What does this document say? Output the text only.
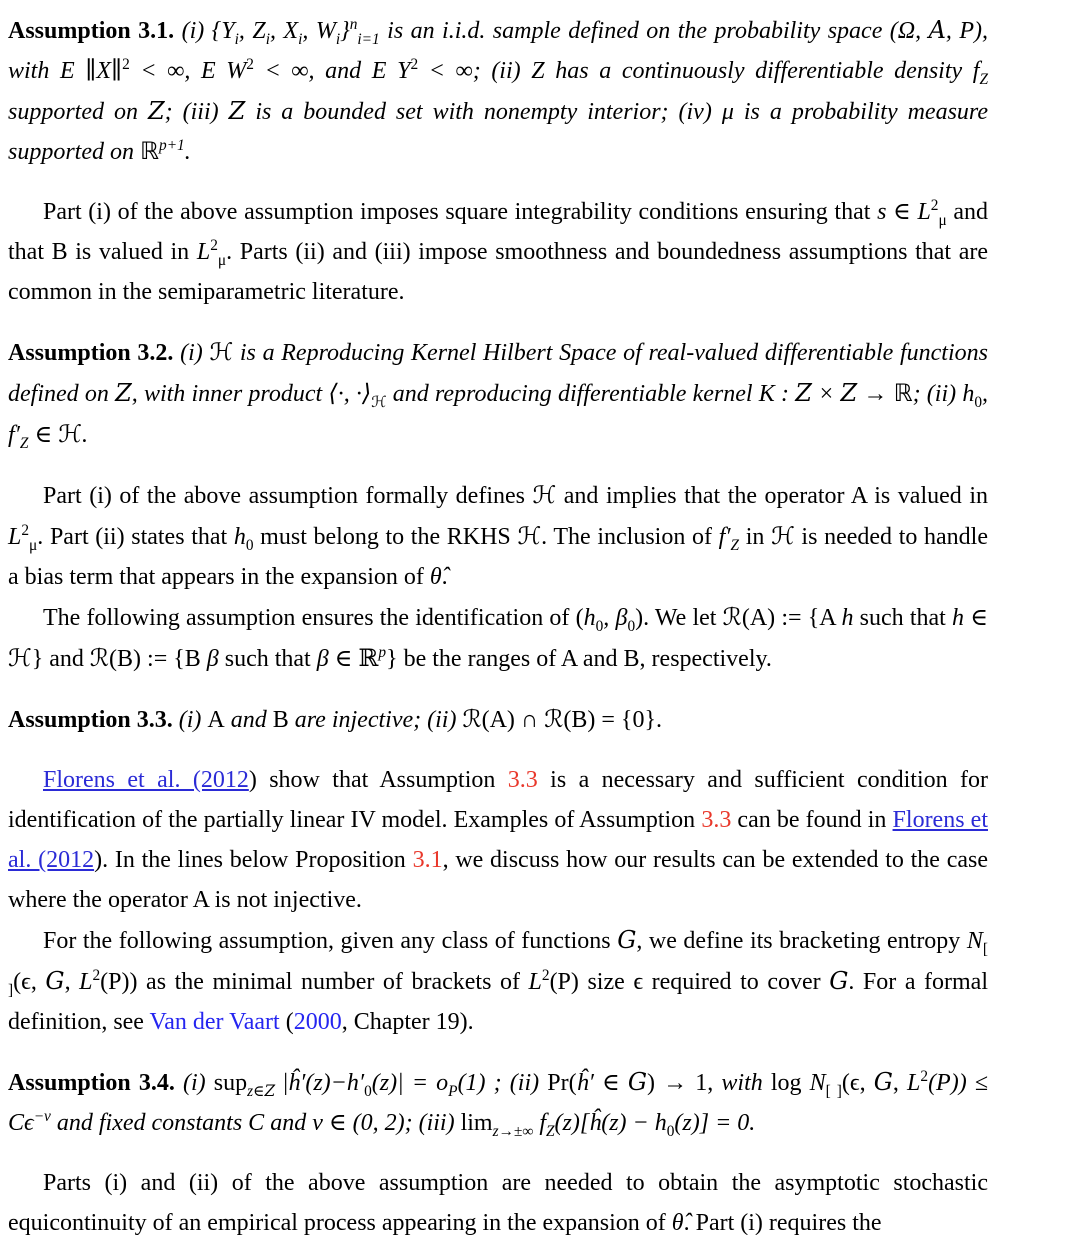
Assumption 3.1. (i) {$Y_i$, $Z_i$, $X_i$, $W_i\}^n_{i=1}$ is an i.i.d. sample defined on the probability space (Ω, A, P), with E ∥X∥$^2$ < ∞, E $W^2$ < ∞, and E $Y^2$ < ∞; (ii) Z has a continuously differentiable density $f_Z$ supported on Z; (iii) Z is a bounded set with nonempty interior; (iv) μ is a probability measure supported on ℝ$^{p+1}$.

Part (i) of the above assumption imposes square integrability conditions ensuring that s ∈ $L^2_\mu$ and that B is valued in $L^2_\mu$. Parts (ii) and (iii) impose smoothness and boundedness assumptions that are common in the semiparametric literature.

Assumption 3.2. (i) ℋ is a Reproducing Kernel Hilbert Space of real-valued differentiable functions defined on Z, with inner product ⟨·, $\cdot⟩_ℋ$ and reproducing differentiable kernel K : Z × Z → ℝ; (ii) $h_0$, $f'_Z$ ∈ ℋ.

Part (i) of the above assumption formally defines ℋ and implies that the operator A is valued in $L^2_\mu$. Part (ii) states that $h_0$ must belong to the RKHS ℋ. The inclusion of $f'_Z$ in ℋ is needed to handle a bias term that appears in the expansion of θ̂.

The following assumption ensures the identification of ($h_0$, $\beta_0$). We let ℛ(A) := {A h such that h ∈ ℋ} and ℛ(B) := {B β such that β ∈ ℝ$^p$} be the ranges of A and B, respectively.

Assumption 3.3. (i) A and B are injective; (ii) ℛ(A) ∩ ℛ(B) = {0}.

Florens et al. (2012) show that Assumption 3.3 is a necessary and sufficient condition for identification of the partially linear IV model. Examples of Assumption 3.3 can be found in Florens et al. (2012). In the lines below Proposition 3.1, we discuss how our results can be extended to the case where the operator A is not injective.

For the following assumption, given any class of functions G, we define its bracketing entropy $N_{[ ]}(\epsilon$, G, $L^2(P)$) as the minimal number of brackets of $L^2(P)$ size ϵ required to cover G. For a formal definition, see Van der Vaart (2000, Chapter 19).

Assumption 3.4. (i) sup$_{z\in Z}$ $|ĥ'(z)-h'_0(z)| = o_P(1)$ ; (ii) Pr(ĥ′ ∈ G) → 1, with $\log N_{[ ]}(\epsilon$, G, $L^2(P)) \le C\epsilon^{-v}$ and fixed constants C and v ∈ (0, 2); (iii) $\lim_{z\to\pm\infty}$ $f_Z(z)[ĥ(z) - h_0(z)] = 0$.

Parts (i) and (ii) of the above assumption are needed to obtain the asymptotic stochastic equicontinuity of an empirical process appearing in the expansion of θ̂. Part (i) requires the
